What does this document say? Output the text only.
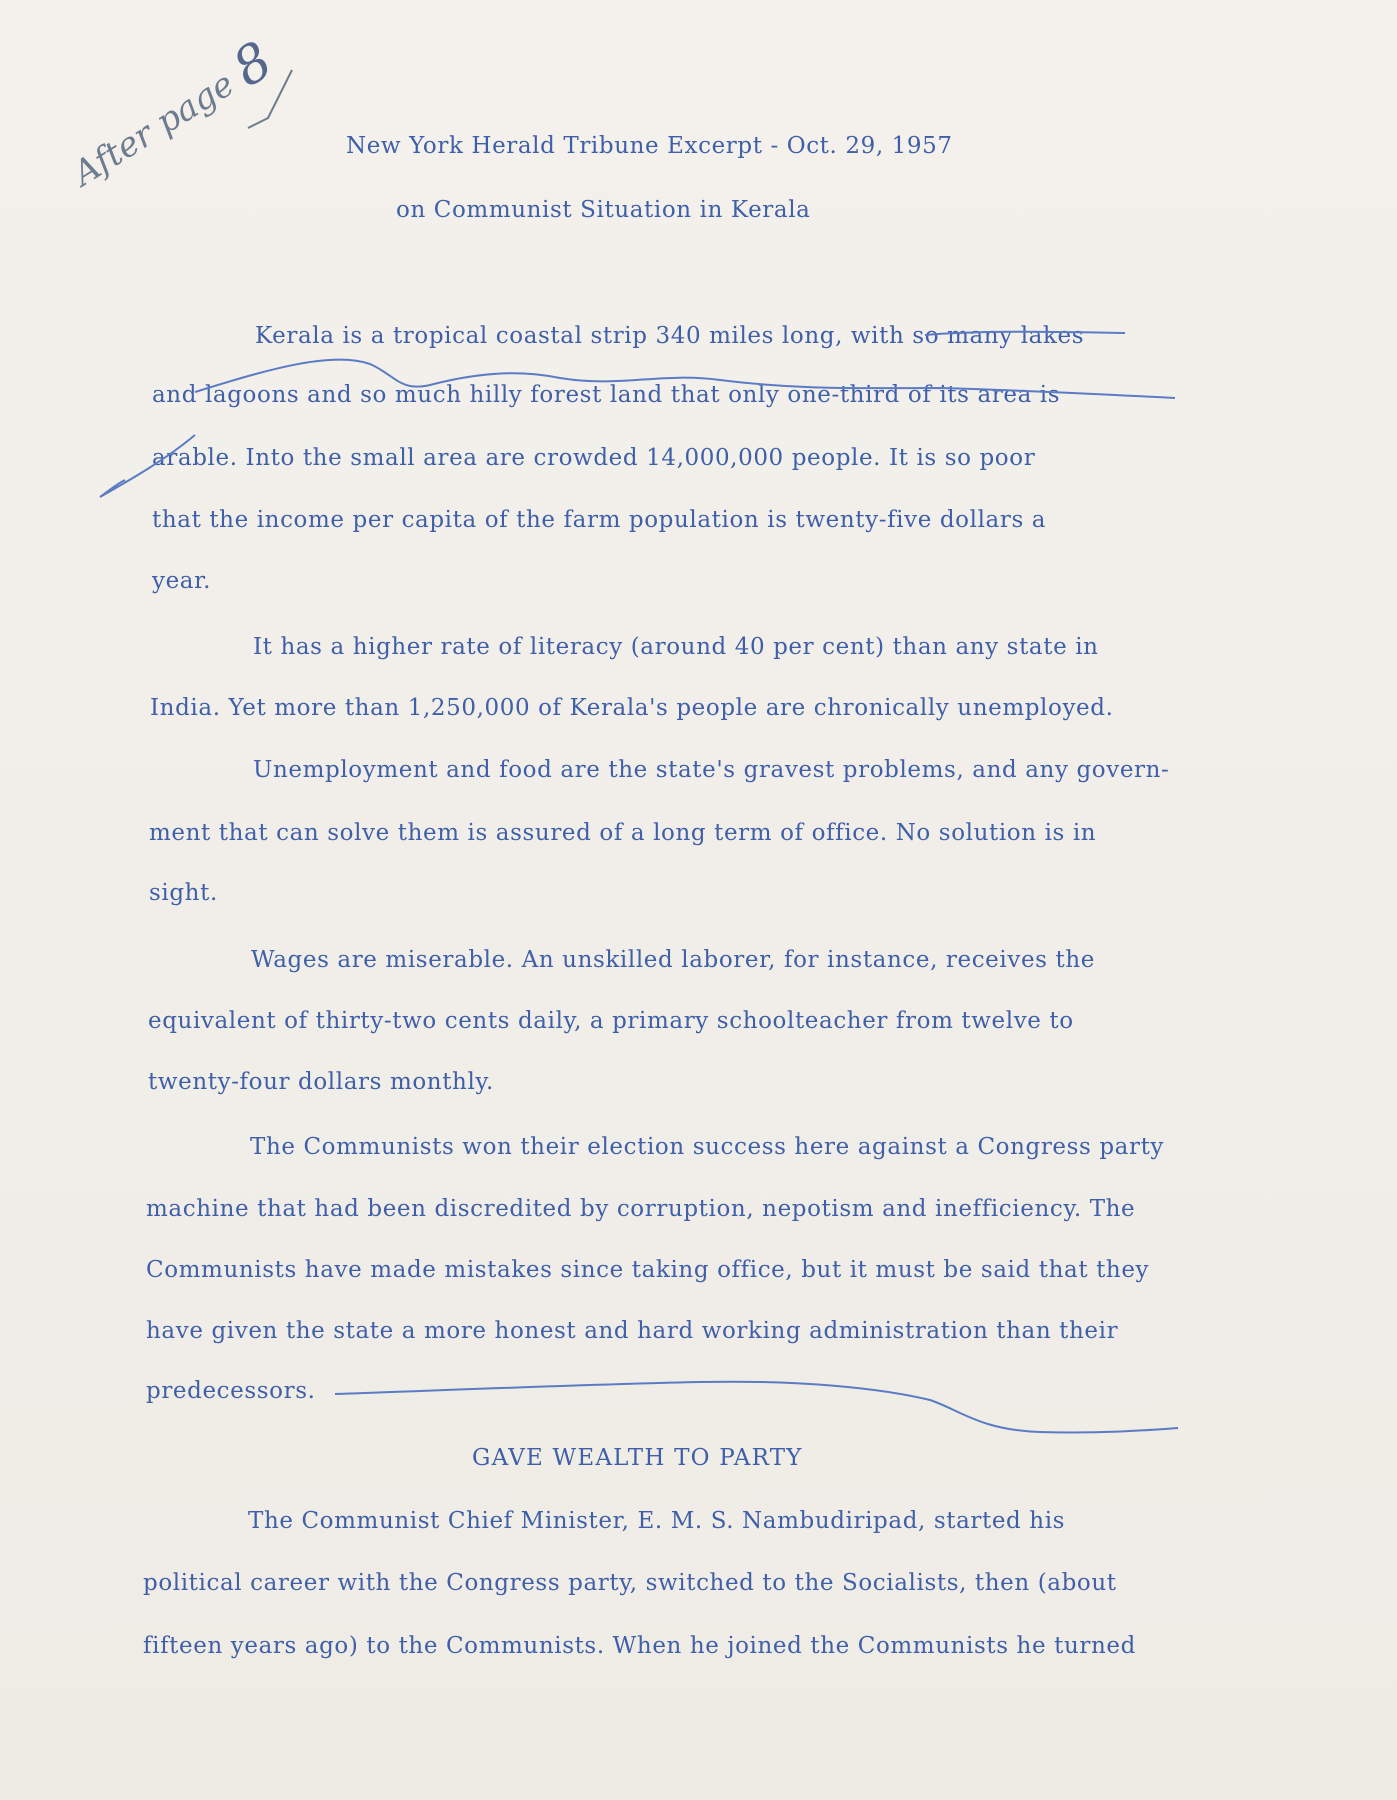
After page 8
New York Herald Tribune Excerpt - Oct. 29, 1957
on Communist Situation in Kerala
Kerala is a tropical coastal strip 340 miles long, with so many lakes
and lagoons and so much hilly forest land that only one-third of its area is
arable. Into the small area are crowded 14,000,000 people. It is so poor
that the income per capita of the farm population is twenty-five dollars a
year.
It has a higher rate of literacy (around 40 per cent) than any state in
India. Yet more than 1,250,000 of Kerala's people are chronically unemployed.
Unemployment and food are the state's gravest problems, and any govern-
ment that can solve them is assured of a long term of office. No solution is in
sight.
Wages are miserable. An unskilled laborer, for instance, receives the
equivalent of thirty-two cents daily, a primary schoolteacher from twelve to
twenty-four dollars monthly.
The Communists won their election success here against a Congress party
machine that had been discredited by corruption, nepotism and inefficiency. The
Communists have made mistakes since taking office, but it must be said that they
have given the state a more honest and hard working administration than their
predecessors.
GAVE WEALTH TO PARTY
The Communist Chief Minister, E. M. S. Nambudiripad, started his
political career with the Congress party, switched to the Socialists, then (about
fifteen years ago) to the Communists. When he joined the Communists he turned
